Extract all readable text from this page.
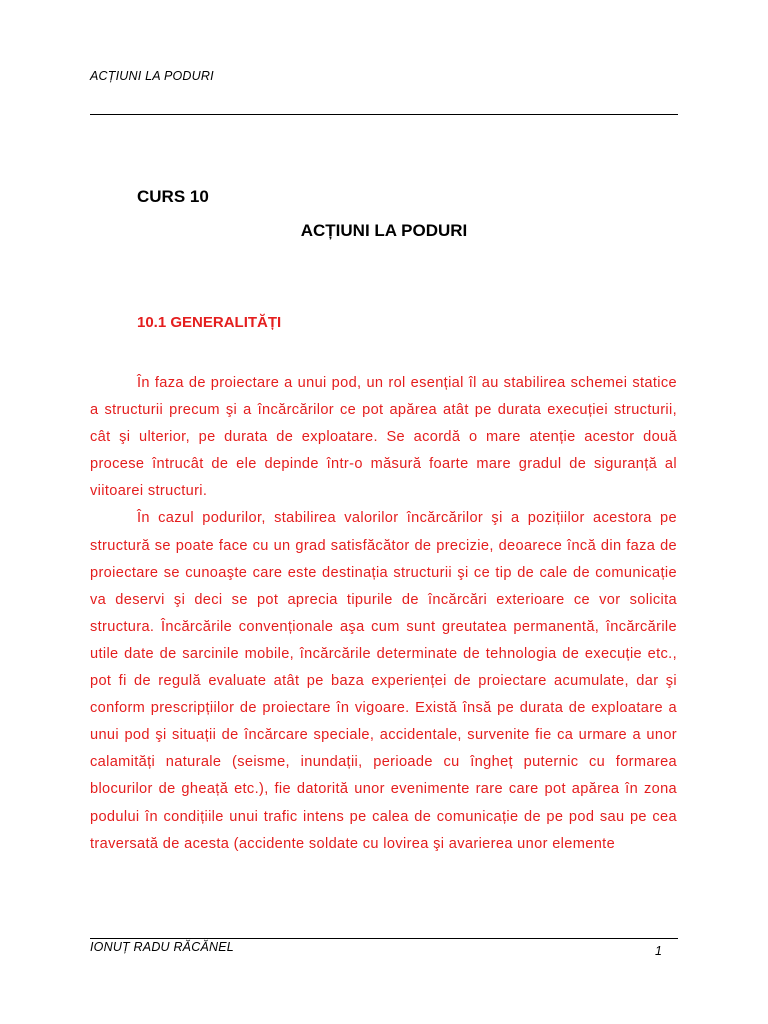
ACȚIUNI LA PODURI
CURS 10
ACȚIUNI LA PODURI
10.1 GENERALITĂȚI

În faza de proiectare a unui pod, un rol esențial îl au stabilirea schemei statice a structurii precum şi a încărcărilor ce pot apărea atât pe durata execuției structurii, cât şi ulterior, pe durata de exploatare. Se acordă o mare atenție acestor două procese întrucât de ele depinde într-o măsură foarte mare gradul de siguranță al viitoarei structuri.

În cazul podurilor, stabilirea valorilor încărcărilor şi a pozițiilor acestora pe structură se poate face cu un grad satisfăcător de precizie, deoarece încă din faza de proiectare se cunoaşte care este destinația structurii şi ce tip de cale de comunicație va deservi şi deci se pot aprecia tipurile de încărcări exterioare ce vor solicita structura. Încărcările convenționale aşa cum sunt greutatea permanentă, încărcările utile date de sarcinile mobile, încărcările determinate de tehnologia de execuție etc., pot fi de regulă evaluate atât pe baza experienței de proiectare acumulate, dar şi conform prescripțiilor de proiectare în vigoare. Există însă pe durata de exploatare a unui pod şi situații de încărcare speciale, accidentale, survenite fie ca urmare a unor calamități naturale (seisme, inundații, perioade cu îngheț puternic cu formarea blocurilor de gheață etc.), fie datorită unor evenimente rare care pot apărea în zona podului în condițiile unui trafic intens pe calea de comunicație de pe pod sau pe cea traversată de acesta (accidente soldate cu lovirea şi avarierea unor elemente

IONUȚ RADU RĂCĂNEL	1
